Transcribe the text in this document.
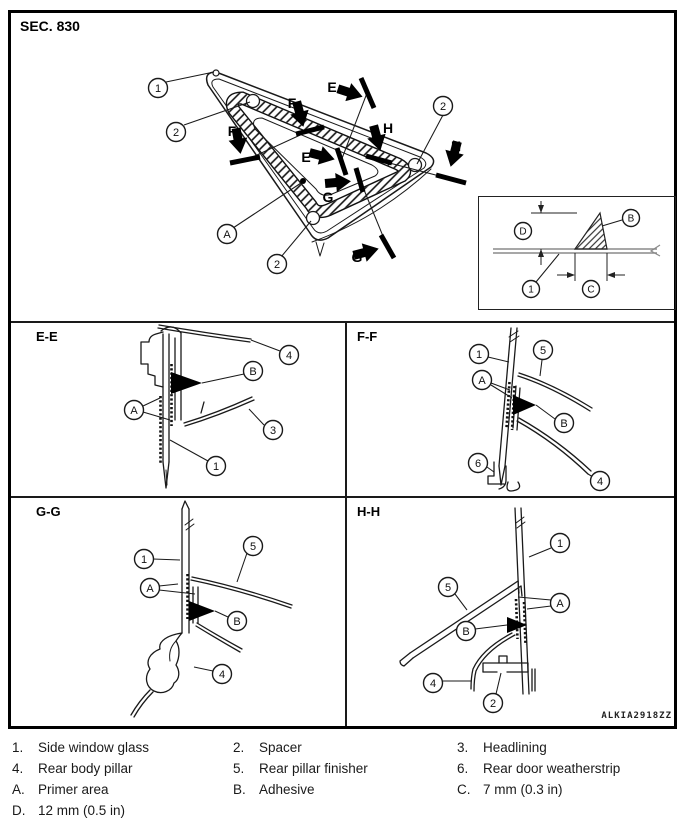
SEC. 830
E
E
F
F	H
H
G
G
1
2
2
2
A
B
D
1	C
E-E	F-F
G-G	H-H
B
A
1
4
3
1	5
A
B
4
6
1
5
A
B
4
1
5
A
B
4
2
ALKIA2918ZZ
1. Side window glass	2. Spacer	3. Headlining
4. Rear body pillar	5. Rear pillar finisher	6. Rear door weatherstrip
A. Primer area	B. Adhesive	C. 7 mm (0.3 in)
D. 12 mm (0.5 in)
